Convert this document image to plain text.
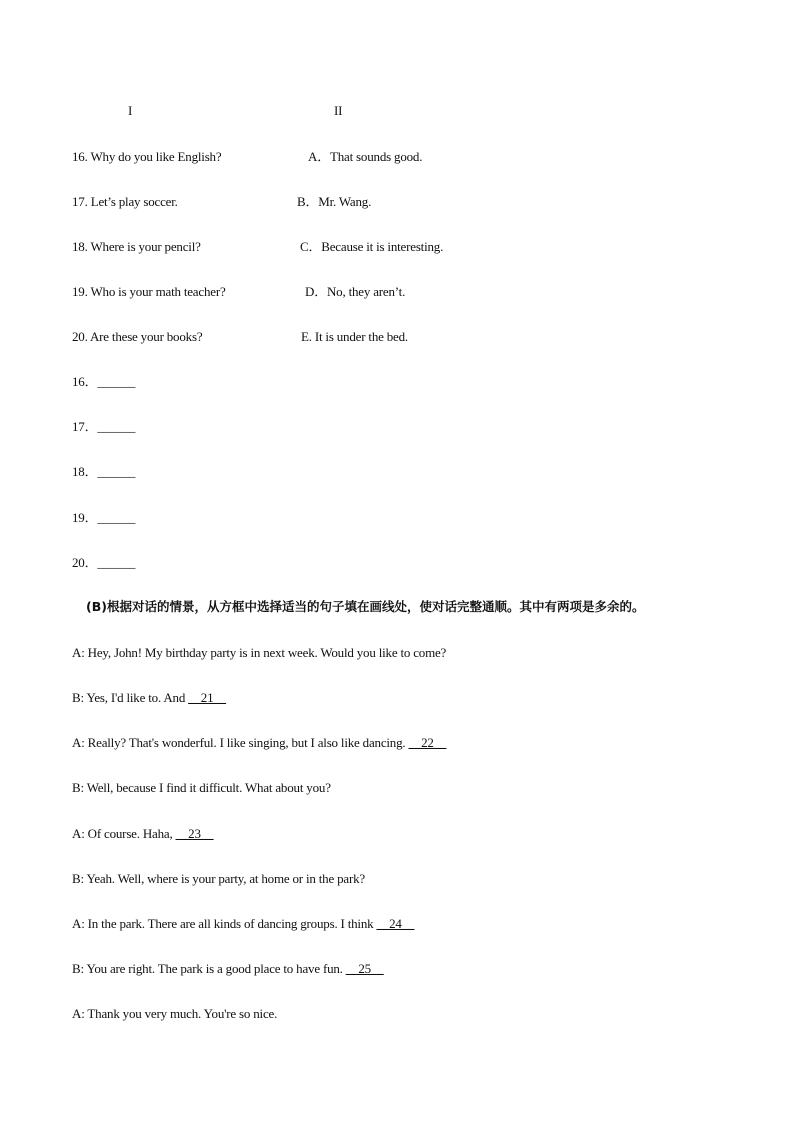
I	II
16. Why do you like English?	A．That sounds good.
17. Let’s play soccer.	B．Mr. Wang.
18. Where is your pencil?	C．Because it is interesting.
19. Who is your math teacher?	D．No, they aren’t.
20. Are these your books?	E. It is under the bed.
16．______
17．______
18．______
19．______
20．______
(B)根据对话的情景，从方框中选择适当的句子填在画线处，使对话完整通顺。其中有两项是多余的。
A: Hey, John! My birthday party is in next week. Would you like to come?
B: Yes, I'd like to. And __21__
A: Really? That's wonderful. I like singing, but I also like dancing. __22__
B: Well, because I find it difficult. What about you?
A: Of course. Haha, __23__
B: Yeah. Well, where is your party, at home or in the park?
A: In the park. There are all kinds of dancing groups. I think __24__
B: You are right. The park is a good place to have fun. __25__
A: Thank you very much. You're so nice.
